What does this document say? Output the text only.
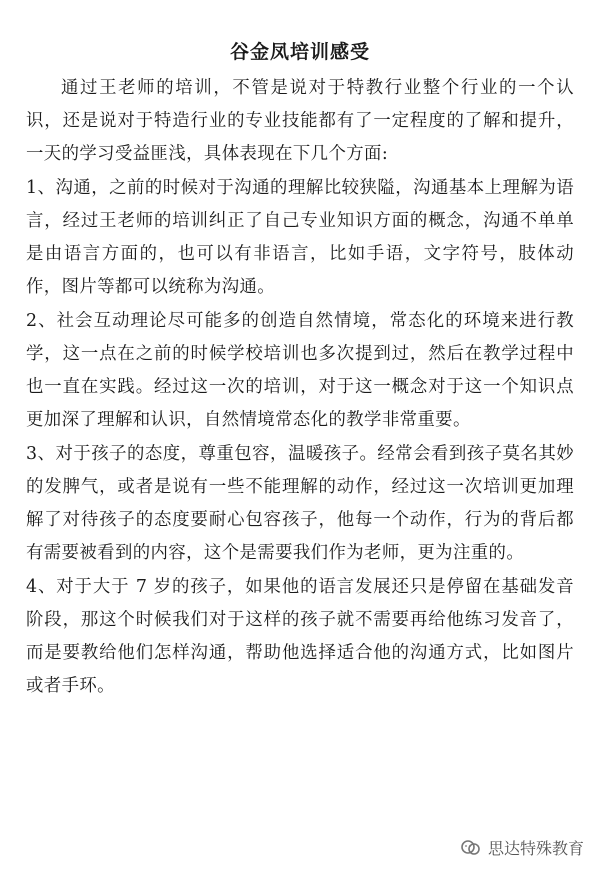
谷金凤培训感受

通过王老师的培训，不管是说对于特教行业整个行业的一个认识，还是说对于特造行业的专业技能都有了一定程度的了解和提升，一天的学习受益匪浅，具体表现在下几个方面:

1、沟通，之前的时候对于沟通的理解比较狭隘，沟通基本上理解为语言，经过王老师的培训纠正了自己专业知识方面的概念，沟通不单单是由语言方面的，也可以有非语言，比如手语，文字符号，肢体动作，图片等都可以统称为沟通。

2、社会互动理论尽可能多的创造自然情境，常态化的环境来进行教学，这一点在之前的时候学校培训也多次提到过，然后在教学过程中也一直在实践。经过这一次的培训，对于这一概念对于这一个知识点更加深了理解和认识，自然情境常态化的教学非常重要。

3、对于孩子的态度，尊重包容，温暖孩子。经常会看到孩子莫名其妙的发脾气，或者是说有一些不能理解的动作，经过这一次培训更加理解了对待孩子的态度要耐心包容孩子，他每一个动作，行为的背后都有需要被看到的内容，这个是需要我们作为老师，更为注重的。

4、对于大于 7 岁的孩子，如果他的语言发展还只是停留在基础发音阶段，那这个时候我们对于这样的孩子就不需要再给他练习发音了，而是要教给他们怎样沟通，帮助他选择适合他的沟通方式，比如图片或者手环。

思达特殊教育
